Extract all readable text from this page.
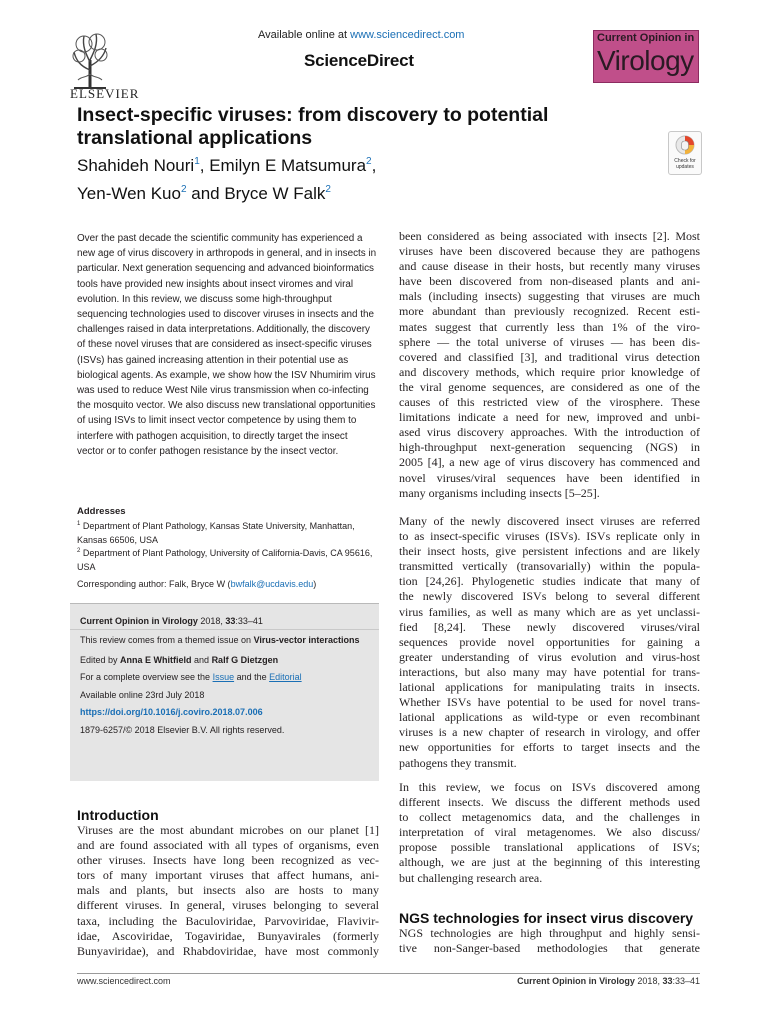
ELSEVIER
Available online at www.sciencedirect.com
ScienceDirect
Current Opinion in
Virology
Insect-specific viruses: from discovery to potential translational applications
Shahideh Nouri$^1$, Emilyn E Matsumura$^2$,
Yen-Wen Kuo$^2$ and Bryce W Falk$^2$
Check for updates
Over the past decade the scientific community has experienced a new age of virus discovery in arthropods in general, and in insects in particular. Next generation sequencing and advanced bioinformatics tools have provided new insights about insect viromes and viral evolution. In this review, we discuss some high-throughput sequencing technologies used to discover viruses in insects and the challenges raised in data interpretations. Additionally, the discovery of these novel viruses that are considered as insect-specific viruses (ISVs) has gained increasing attention in their potential use as biological agents. As example, we show how the ISV Nhumirim virus was used to reduce West Nile virus transmission when co-infecting the mosquito vector. We also discuss new translational opportunities of using ISVs to limit insect vector competence by using them to interfere with pathogen acquisition, to directly target the insect vector or to confer pathogen resistance by the insect vector.
Addresses
$^1$ Department of Plant Pathology, Kansas State University, Manhattan, Kansas 66506, USA
$^2$ Department of Plant Pathology, University of California-Davis, CA 95616, USA
Corresponding author: Falk, Bryce W (bwfalk@ucdavis.edu)
Current Opinion in Virology 2018, 33:33–41
This review comes from a themed issue on Virus-vector interactions
Edited by Anna E Whitfield and Ralf G Dietzgen
For a complete overview see the Issue and the Editorial
Available online 23rd July 2018
https://doi.org/10.1016/j.coviro.2018.07.006
1879-6257/© 2018 Elsevier B.V. All rights reserved.
Introduction
Viruses are the most abundant microbes on our planet [1]
and are found associated with all types of organisms, even
other viruses. Insects have long been recognized as vec-
tors of many important viruses that affect humans, ani-
mals and plants, but insects also are hosts to many
different viruses. In general, viruses belonging to several
taxa, including the Baculoviridae, Parvoviridae, Flavivir-
idae, Ascoviridae, Togaviridae, Bunyavirales (formerly
Bunyaviridae), and Rhabdoviridae, have most commonly
been considered as being associated with insects [2]. Most
viruses have been discovered because they are pathogens
and cause disease in their hosts, but recently many viruses
have been discovered from non-diseased plants and ani-
mals (including insects) suggesting that viruses are much
more abundant than previously recognized. Recent esti-
mates suggest that currently less than 1% of the viro-
sphere — the total universe of viruses — has been dis-
covered and classified [3], and traditional virus detection
and discovery methods, which require prior knowledge of
the viral genome sequences, are considered as one of the
causes of this restricted view of the virosphere. These
limitations indicate a need for new, improved and unbi-
ased virus discovery approaches. With the introduction of
high-throughput next-generation sequencing (NGS) in
2005 [4], a new age of virus discovery has commenced and
novel viruses/viral sequences have been identified in
many organisms including insects [5–25].
Many of the newly discovered insect viruses are referred
to as insect-specific viruses (ISVs). ISVs replicate only in
their insect hosts, give persistent infections and are likely
transmitted vertically (transovarially) within the popula-
tion [24,26]. Phylogenetic studies indicate that many of
the newly discovered ISVs belong to several different
virus families, as well as many which are as yet unclassi-
fied [8,24]. These newly discovered viruses/viral
sequences provide novel opportunities for gaining a
greater understanding of virus evolution and virus-host
interactions, but also many may have potential for trans-
lational applications for manipulating traits in insects.
Whether ISVs have potential to be used for novel trans-
lational applications as wild-type or even recombinant
viruses is a new chapter of research in virology, and offer
new opportunities for efforts to target insects and the
pathogens they transmit.
In this review, we focus on ISVs discovered among
different insects. We discuss the different methods used
to collect metagenomics data, and the challenges in
interpretation of viral metagenomes. We also discuss/
propose possible translational applications of ISVs;
although, we are just at the beginning of this interesting
but challenging research area.
NGS technologies for insect virus discovery
NGS technologies are high throughput and highly sensi-
tive non-Sanger-based methodologies that generate
www.sciencedirect.com	Current Opinion in Virology 2018, 33:33–41
